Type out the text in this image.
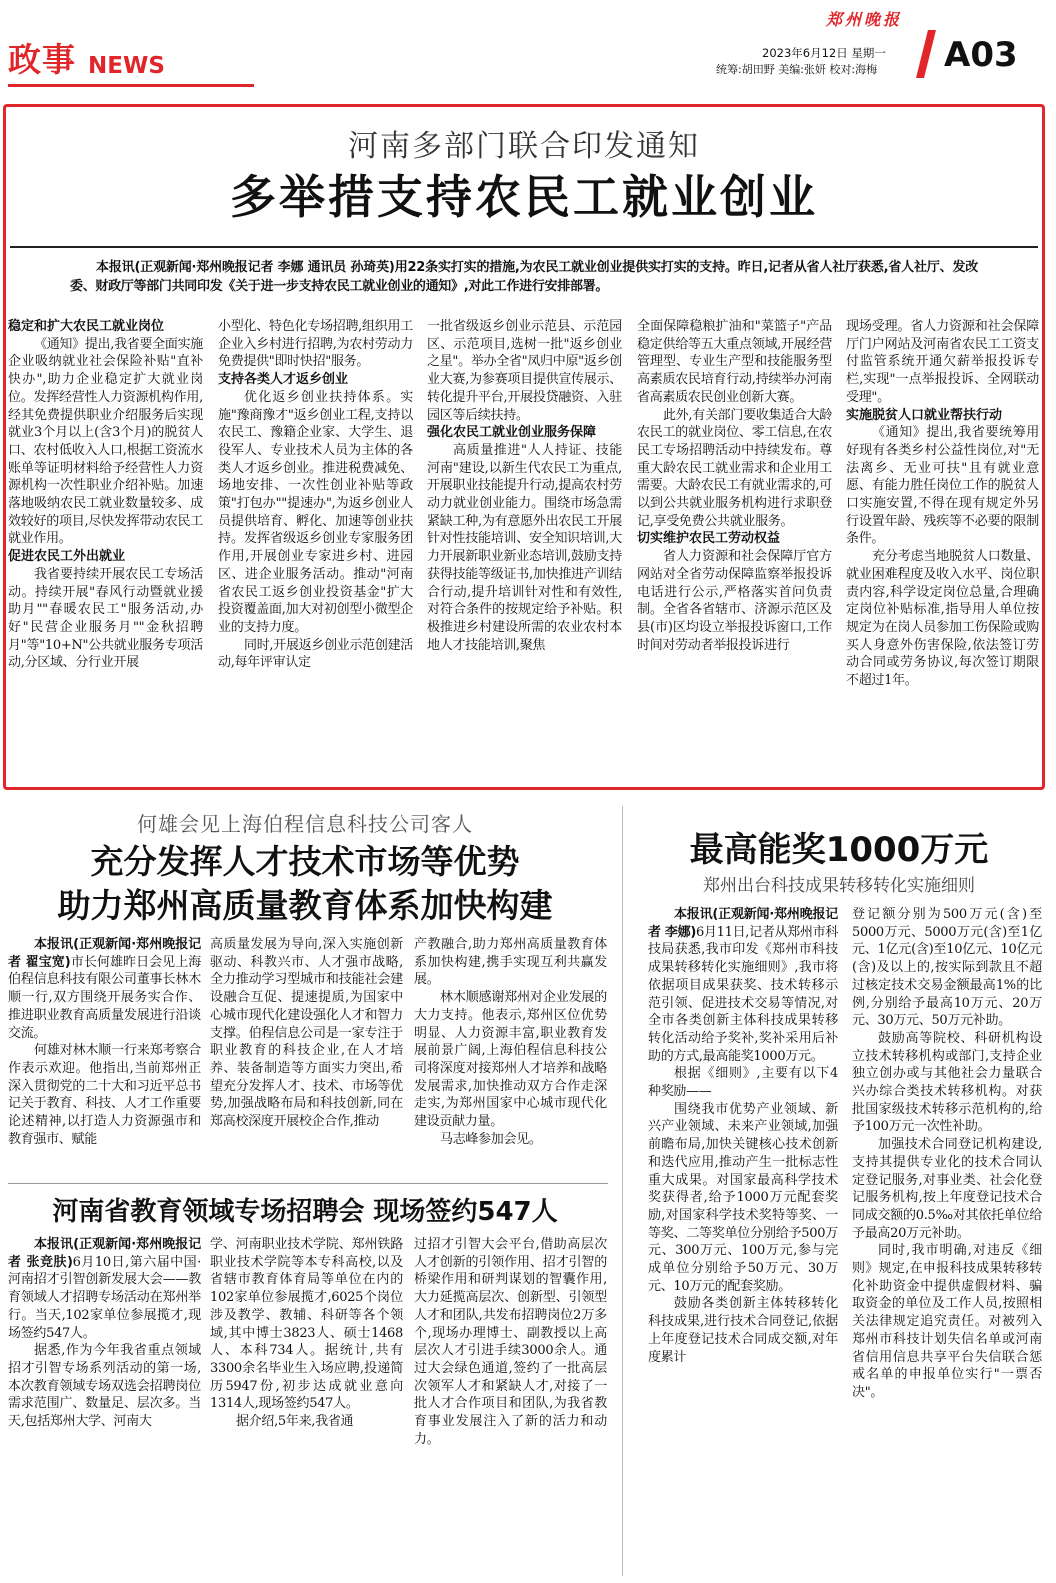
政事 NEWS
郑州晚报
2023年6月12日 星期一
统筹:胡田野 美编:张妍 校对:海梅 A03
河南多部门联合印发通知
多举措支持农民工就业创业

本报讯(正观新闻·郑州晚报记者 李娜 通讯员 孙琦英)用22条实打实的措施,为农民工就业创业提供实打实的支持。昨日,记者从省人社厅获悉,省人社厅、发改委、财政厅等部门共同印发《关于进一步支持农民工就业创业的通知》,对此工作进行安排部署。

稳定和扩大农民工就业岗位

《通知》提出,我省要全面实施企业吸纳就业社会保险补贴"直补快办",助力企业稳定扩大就业岗位。发挥经营性人力资源机构作用,经其免费提供职业介绍服务后实现就业3个月以上(含3个月)的脱贫人口、农村低收入人口,根据工资流水账单等证明材料给予经营性人力资源机构一次性职业介绍补贴。加速落地吸纳农民工就业数量较多、成效较好的项目,尽快发挥带动农民工就业作用。

促进农民工外出就业

我省要持续开展农民工专场活动。持续开展"春风行动暨就业援助月""春暖农民工"服务活动,办好"民营企业服务月""金秋招聘月"等"10+N"公共就业服务专项活动,分区域、分行业开展

小型化、特色化专场招聘,组织用工企业入乡村进行招聘,为农村劳动力免费提供"即时快招"服务。

支持各类人才返乡创业

优化返乡创业扶持体系。实施"豫商豫才"返乡创业工程,支持以农民工、豫籍企业家、大学生、退役军人、专业技术人员为主体的各类人才返乡创业。推进税费减免、场地安排、一次性创业补贴等政策"打包办""提速办",为返乡创业人员提供培育、孵化、加速等创业扶持。发挥省级返乡创业专家服务团作用,开展创业专家进乡村、进园区、进企业服务活动。推动"河南省农民工返乡创业投资基金"扩大投资覆盖面,加大对初创型小微型企业的支持力度。

同时,开展返乡创业示范创建活动,每年评审认定

一批省级返乡创业示范县、示范园区、示范项目,选树一批"返乡创业之星"。举办全省"凤归中原"返乡创业大赛,为参赛项目提供宣传展示、转化提升平台,开展投贷融资、入驻园区等后续扶持。

强化农民工就业创业服务保障

高质量推进"人人持证、技能河南"建设,以新生代农民工为重点,开展职业技能提升行动,提高农村劳动力就业创业能力。围绕市场急需紧缺工种,为有意愿外出农民工开展针对性技能培训、安全知识培训,大力开展新职业新业态培训,鼓励支持获得技能等级证书,加快推进产训结合行动,提升培训针对性和有效性,对符合条件的按规定给予补贴。积极推进乡村建设所需的农业农村本地人才技能培训,聚焦

全面保障稳粮扩油和"菜篮子"产品稳定供给等五大重点领域,开展经营管理型、专业生产型和技能服务型高素质农民培育行动,持续举办河南省高素质农民创业创新大赛。

此外,有关部门要收集适合大龄农民工的就业岗位、零工信息,在农民工专场招聘活动中持续发布。尊重大龄农民工就业需求和企业用工需要。大龄农民工有就业需求的,可以到公共就业服务机构进行求职登记,享受免费公共就业服务。

切实维护农民工劳动权益

省人力资源和社会保障厅官方网站对全省劳动保障监察举报投诉电话进行公示,严格落实首问负责制。全省各省辖市、济源示范区及县(市)区均设立举报投诉窗口,工作时间对劳动者举报投诉进行

现场受理。省人力资源和社会保障厅门户网站及河南省农民工工资支付监管系统开通欠薪举报投诉专栏,实现"一点举报投诉、全网联动受理"。

实施脱贫人口就业帮扶行动

《通知》提出,我省要统筹用好现有各类乡村公益性岗位,对"无法离乡、无业可扶"且有就业意愿、有能力胜任岗位工作的脱贫人口实施安置,不得在现有规定外另行设置年龄、残疾等不必要的限制条件。

充分考虑当地脱贫人口数量、就业困难程度及收入水平、岗位职责内容,科学设定岗位总量,合理确定岗位补贴标准,指导用人单位按规定为在岗人员参加工伤保险或购买人身意外伤害保险,依法签订劳动合同或劳务协议,每次签订期限不超过1年。

何雄会见上海伯程信息科技公司客人
充分发挥人才技术市场等优势
助力郑州高质量教育体系加快构建

本报讯(正观新闻·郑州晚报记者 翟宝宽)市长何雄昨日会见上海伯程信息科技有限公司董事长林木顺一行,双方围绕开展务实合作、推进职业教育高质量发展进行沿谈交流。

何雄对林木顺一行来郑考察合作表示欢迎。他指出,当前郑州正深入贯彻党的二十大和习近平总书记关于教育、科技、人才工作重要论述精神,以打造人力资源强市和教育强市、赋能

高质量发展为导向,深入实施创新驱动、科教兴市、人才强市战略,全力推动学习型城市和技能社会建设融合互促、提速提质,为国家中心城市现代化建设强化人才和智力支撑。伯程信息公司是一家专注于职业教育的科技企业,在人才培养、装备制造等方面实力突出,希望充分发挥人才、技术、市场等优势,加强战略布局和科技创新,同在郑高校深度开展校企合作,推动

产教融合,助力郑州高质量教育体系加快构建,携手实现互利共赢发展。

林木顺感谢郑州对企业发展的大力支持。他表示,郑州区位优势明显、人力资源丰富,职业教育发展前景广阔,上海伯程信息科技公司将深度对接郑州人才培养和战略发展需求,加快推动双方合作走深走实,为郑州国家中心城市现代化建设贡献力量。

马志峰参加会见。

河南省教育领域专场招聘会 现场签约547人

本报讯(正观新闻·郑州晚报记者 张竞肤)6月10日,第六届中国·河南招才引智创新发展大会——教育领域人才招聘专场活动在郑州举行。当天,102家单位参展揽才,现场签约547人。

据悉,作为今年我省重点领域招才引智专场系列活动的第一场,本次教育领域专场双选会招聘岗位需求范围广、数量足、层次多。当天,包括郑州大学、河南大

学、河南职业技术学院、郑州铁路职业技术学院等本专科高校,以及省辖市教育体育局等单位在内的102家单位参展揽才,6025个岗位涉及教学、教辅、科研等各个领域,其中博士3823人、硕士1468人、本科734人。据统计,共有3300余名毕业生入场应聘,投递简历5947份,初步达成就业意向1314人,现场签约547人。

据介绍,5年来,我省通

过招才引智大会平台,借助高层次人才创新的引领作用、招才引智的桥梁作用和研判谋划的智囊作用,大力延揽高层次、创新型、引领型人才和团队,共发布招聘岗位2万多个,现场办理博士、副教授以上高层次人才引进手续3000余人。通过大会绿色通道,签约了一批高层次领军人才和紧缺人才,对接了一批人才合作项目和团队,为我省教育事业发展注入了新的活力和动力。

最高能奖1000万元
郑州出台科技成果转移转化实施细则

本报讯(正观新闻·郑州晚报记者 李娜)6月11日,记者从郑州市科技局获悉,我市印发《郑州市科技成果转移转化实施细则》,我市将依据项目成果获奖、技术转移示范引领、促进技术交易等情况,对全市各类创新主体科技成果转移转化活动给予奖补,奖补采用后补助的方式,最高能奖1000万元。

根据《细则》,主要有以下4种奖励——

围绕我市优势产业领域、新兴产业领域、未来产业领域,加强前瞻布局,加快关键核心技术创新和迭代应用,推动产生一批标志性重大成果。对国家最高科学技术奖获得者,给予1000万元配套奖励,对国家科学技术奖特等奖、一等奖、二等奖单位分别给予500万元、300万元、100万元,参与完成单位分别给予50万元、30万元、10万元的配套奖励。

鼓励各类创新主体转移转化科技成果,进行技术合同登记,依据上年度登记技术合同成交额,对年度累计

登记额分别为500万元(含)至5000万元、5000万元(含)至1亿元、1亿元(含)至10亿元、10亿元(含)及以上的,按实际到款且不超过核定技术交易金额最高1%的比例,分别给予最高10万元、20万元、30万元、50万元补助。

鼓励高等院校、科研机构设立技术转移机构或部门,支持企业独立创办或与其他社会力量联合兴办综合类技术转移机构。对获批国家级技术转移示范机构的,给予100万元一次性补助。

加强技术合同登记机构建设,支持其提供专业化的技术合同认定登记服务,对事业类、社会化登记服务机构,按上年度登记技术合同成交额的0.5‰对其依托单位给予最高20万元补助。

同时,我市明确,对违反《细则》规定,在申报科技成果转移转化补助资金中提供虚假材料、骗取资金的单位及工作人员,按照相关法律规定追究责任。对被列入郑州市科技计划失信名单或河南省信用信息共享平台失信联合惩戒名单的申报单位实行"一票否决"。
